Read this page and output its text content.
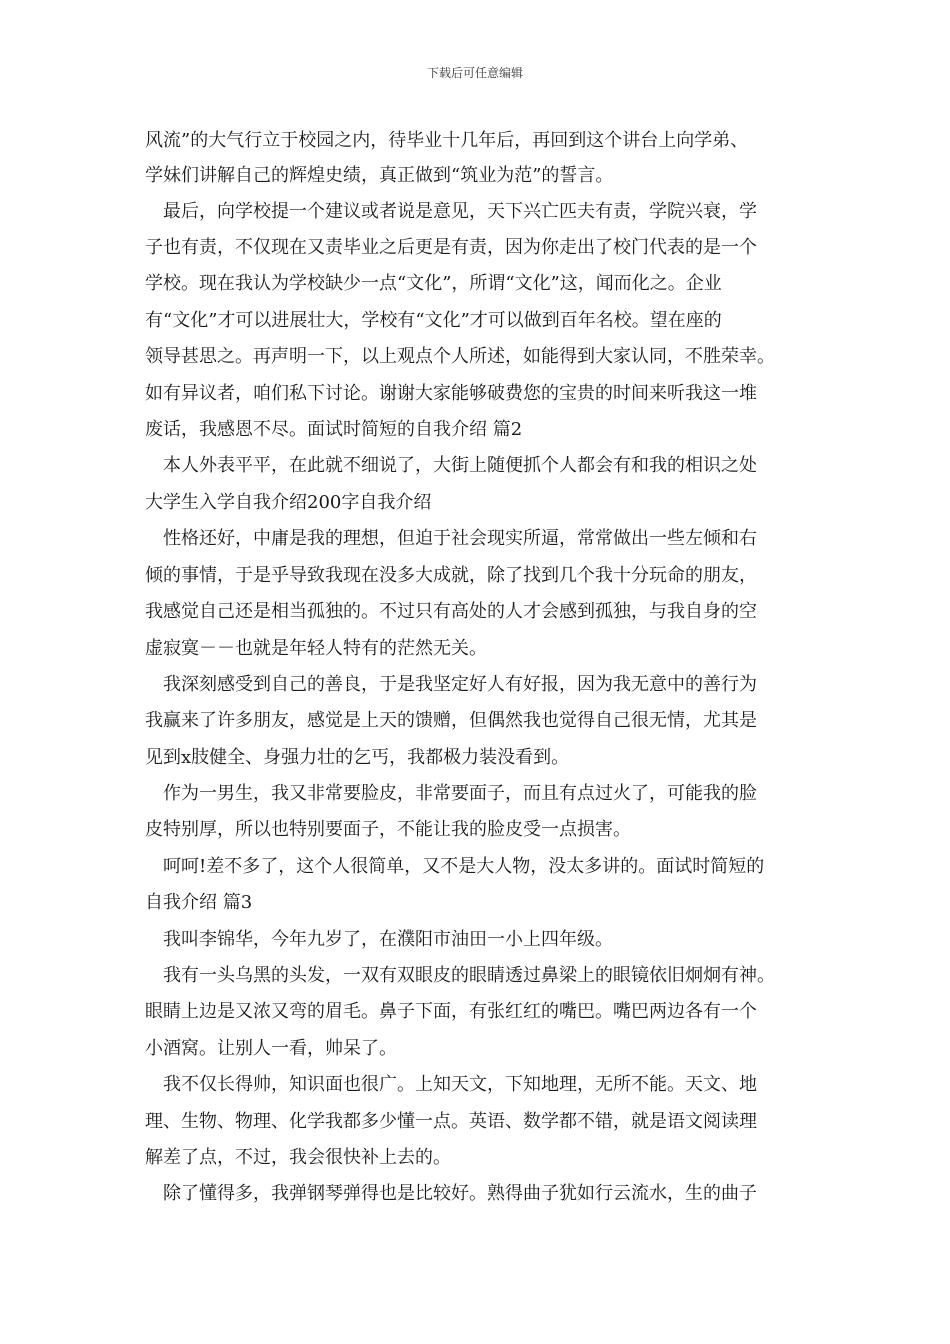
下载后可任意编辑
风流”的大气行立于校园之内，待毕业十几年后，再回到这个讲台上向学弟、
学妹们讲解自己的辉煌史绩，真正做到“筑业为范”的誓言。
　最后，向学校提一个建议或者说是意见，天下兴亡匹夫有责，学院兴衰，学
子也有责，不仅现在又责毕业之后更是有责，因为你走出了校门代表的是一个
学校。现在我认为学校缺少一点“文化”，所谓“文化”这，闻而化之。企业
有“文化”才可以进展壮大，学校有“文化”才可以做到百年名校。望在座的
领导甚思之。再声明一下，以上观点个人所述，如能得到大家认同，不胜荣幸。
如有异议者，咱们私下讨论。谢谢大家能够破费您的宝贵的时间来听我这一堆
废话，我感恩不尽。面试时简短的自我介绍 篇2
　本人外表平平，在此就不细说了，大街上随便抓个人都会有和我的相识之处
大学生入学自我介绍200字自我介绍
　性格还好，中庸是我的理想，但迫于社会现实所逼，常常做出一些左倾和右
倾的事情，于是乎导致我现在没多大成就，除了找到几个我十分玩命的朋友，
我感觉自己还是相当孤独的。不过只有高处的人才会感到孤独，与我自身的空
虚寂寞－－也就是年轻人特有的茫然无关。
　我深刻感受到自己的善良，于是我坚定好人有好报，因为我无意中的善行为
我赢来了许多朋友，感觉是上天的馈赠，但偶然我也觉得自己很无情，尤其是
见到x肢健全、身强力壮的乞丐，我都极力装没看到。
　作为一男生，我又非常要脸皮，非常要面子，而且有点过火了，可能我的脸
皮特别厚，所以也特别要面子，不能让我的脸皮受一点损害。
　呵呵!差不多了，这个人很简单，又不是大人物，没太多讲的。面试时简短的
自我介绍 篇3
　我叫李锦华，今年九岁了，在濮阳市油田一小上四年级。
　我有一头乌黑的头发，一双有双眼皮的眼睛透过鼻梁上的眼镜依旧炯炯有神。
眼睛上边是又浓又弯的眉毛。鼻子下面，有张红红的嘴巴。嘴巴两边各有一个
小酒窝。让别人一看，帅呆了。
　我不仅长得帅，知识面也很广。上知天文，下知地理，无所不能。天文、地
理、生物、物理、化学我都多少懂一点。英语、数学都不错，就是语文阅读理
解差了点，不过，我会很快补上去的。
　除了懂得多，我弹钢琴弹得也是比较好。熟得曲子犹如行云流水，生的曲子
